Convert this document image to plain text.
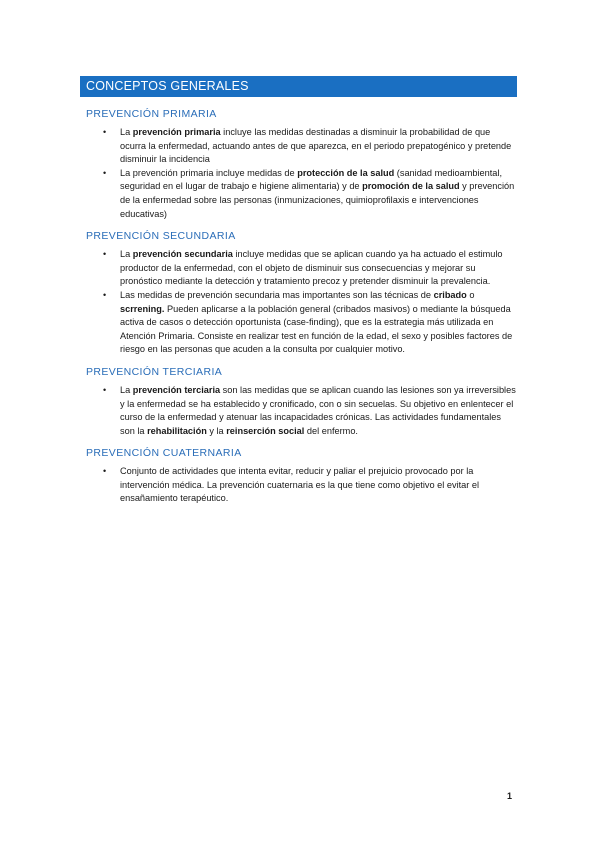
CONCEPTOS GENERALES
PREVENCIÓN PRIMARIA
• La prevención primaria incluye las medidas destinadas a disminuir la probabilidad de que ocurra la enfermedad, actuando antes de que aparezca, en el periodo prepatogénico y pretende disminuir la incidencia
• La prevención primaria incluye medidas de protección de la salud (sanidad medioambiental, seguridad en el lugar de trabajo e higiene alimentaria) y de promoción de la salud y prevención de la enfermedad sobre las personas (inmunizaciones, quimioprofilaxis e intervenciones educativas)
PREVENCIÓN SECUNDARIA
• La prevención secundaria incluye medidas que se aplican cuando ya ha actuado el estimulo productor de la enfermedad, con el objeto de disminuir sus consecuencias y mejorar su pronóstico mediante la detección y tratamiento precoz y pretender disminuir la prevalencia.
• Las medidas de prevención secundaria mas importantes son las técnicas de cribado o scrrening. Pueden aplicarse a la población general (cribados masivos) o mediante la búsqueda activa de casos o detección oportunista (case-finding), que es la estrategia más utilizada en Atención Primaria. Consiste en realizar test en función de la edad, el sexo y posibles factores de riesgo en las personas que acuden a la consulta por cualquier motivo.
PREVENCIÓN TERCIARIA
• La prevención terciaria son las medidas que se aplican cuando las lesiones son ya irreversibles y la enfermedad se ha establecido y cronificado, con o sin secuelas. Su objetivo en enlentecer el curso de la enfermedad y atenuar las incapacidades crónicas. Las actividades fundamentales son la rehabilitación y la reinserción social del enfermo.
PREVENCIÓN CUATERNARIA
• Conjunto de actividades que intenta evitar, reducir y paliar el prejuicio provocado por la intervención médica. La prevención cuaternaria es la que tiene como objetivo el evitar el ensañamiento terapéutico.
1
